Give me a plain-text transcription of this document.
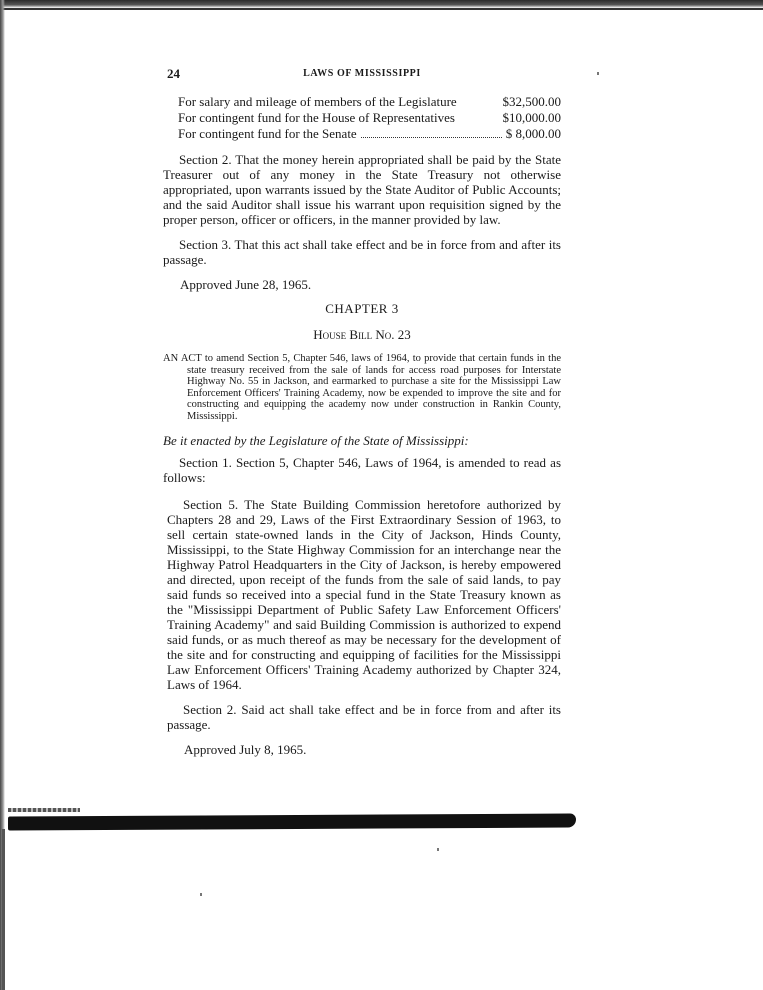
24	LAWS OF MISSISSIPPI
For salary and mileage of members of the Legislature	$32,500.00
For contingent fund for the House of Representatives	$10,000.00
For contingent fund for the Senate	$ 8,000.00

Section 2. That the money herein appropriated shall be paid by the State Treasurer out of any money in the State Treasury not otherwise appropriated, upon warrants issued by the State Auditor of Public Accounts; and the said Auditor shall issue his warrant upon requisition signed by the proper person, officer or officers, in the manner provided by law.

Section 3. That this act shall take effect and be in force from and after its passage.

Approved June 28, 1965.
CHAPTER 3
House Bill No. 23

AN ACT to amend Section 5, Chapter 546, laws of 1964, to provide that certain funds in the state treasury received from the sale of lands for access road purposes for Interstate Highway No. 55 in Jackson, and earmarked to purchase a site for the Mississippi Law Enforcement Officers' Training Academy, now be expended to improve the site and for constructing and equipping the academy now under construction in Rankin County, Mississippi.

Be it enacted by the Legislature of the State of Mississippi:

Section 1. Section 5, Chapter 546, Laws of 1964, is amended to read as follows:

Section 5. The State Building Commission heretofore authorized by Chapters 28 and 29, Laws of the First Extraordinary Session of 1963, to sell certain state-owned lands in the City of Jackson, Hinds County, Mississippi, to the State Highway Commission for an interchange near the Highway Patrol Headquarters in the City of Jackson, is hereby empowered and directed, upon receipt of the funds from the sale of said lands, to pay said funds so received into a special fund in the State Treasury known as the "Mississippi Department of Public Safety Law Enforcement Officers' Training Academy" and said Building Commission is authorized to expend said funds, or as much thereof as may be necessary for the development of the site and for constructing and equipping of facilities for the Mississippi Law Enforcement Officers' Training Academy authorized by Chapter 324, Laws of 1964.

Section 2. Said act shall take effect and be in force from and after its passage.

Approved July 8, 1965.
